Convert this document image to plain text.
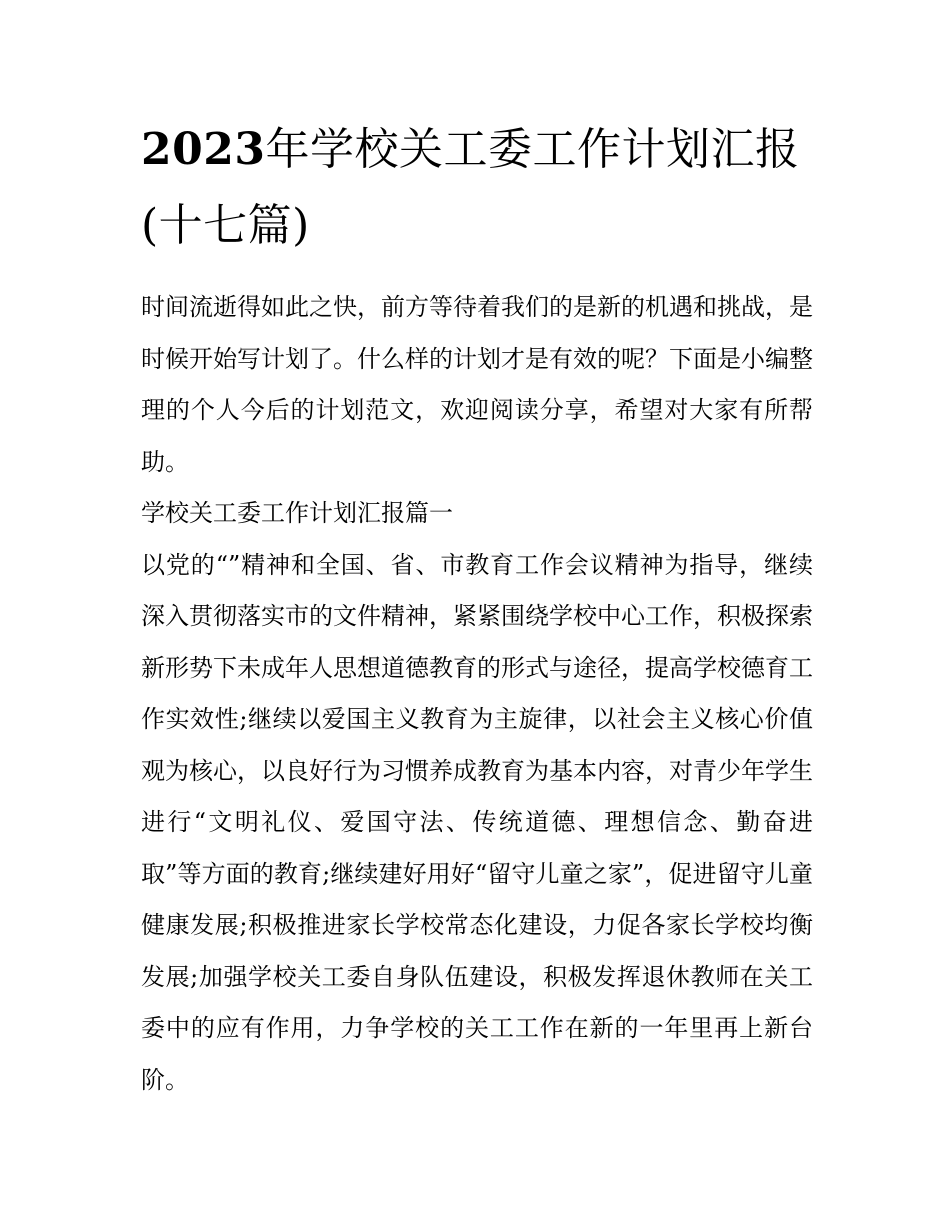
2023年学校关工委工作计划汇报(十七篇)

时间流逝得如此之快，前方等待着我们的是新的机遇和挑战，是时候开始写计划了。什么样的计划才是有效的呢？下面是小编整理的个人今后的计划范文，欢迎阅读分享，希望对大家有所帮助。

学校关工委工作计划汇报篇一

以党的“”精神和全国、省、市教育工作会议精神为指导，继续深入贯彻落实市的文件精神，紧紧围绕学校中心工作，积极探索新形势下未成年人思想道德教育的形式与途径，提高学校德育工作实效性;继续以爱国主义教育为主旋律，以社会主义核心价值观为核心，以良好行为习惯养成教育为基本内容，对青少年学生进行“文明礼仪、爱国守法、传统道德、理想信念、勤奋进取”等方面的教育;继续建好用好“留守儿童之家”，促进留守儿童健康发展;积极推进家长学校常态化建设，力促各家长学校均衡发展;加强学校关工委自身队伍建设，积极发挥退休教师在关工委中的应有作用，力争学校的关工工作在新的一年里再上新台阶。
